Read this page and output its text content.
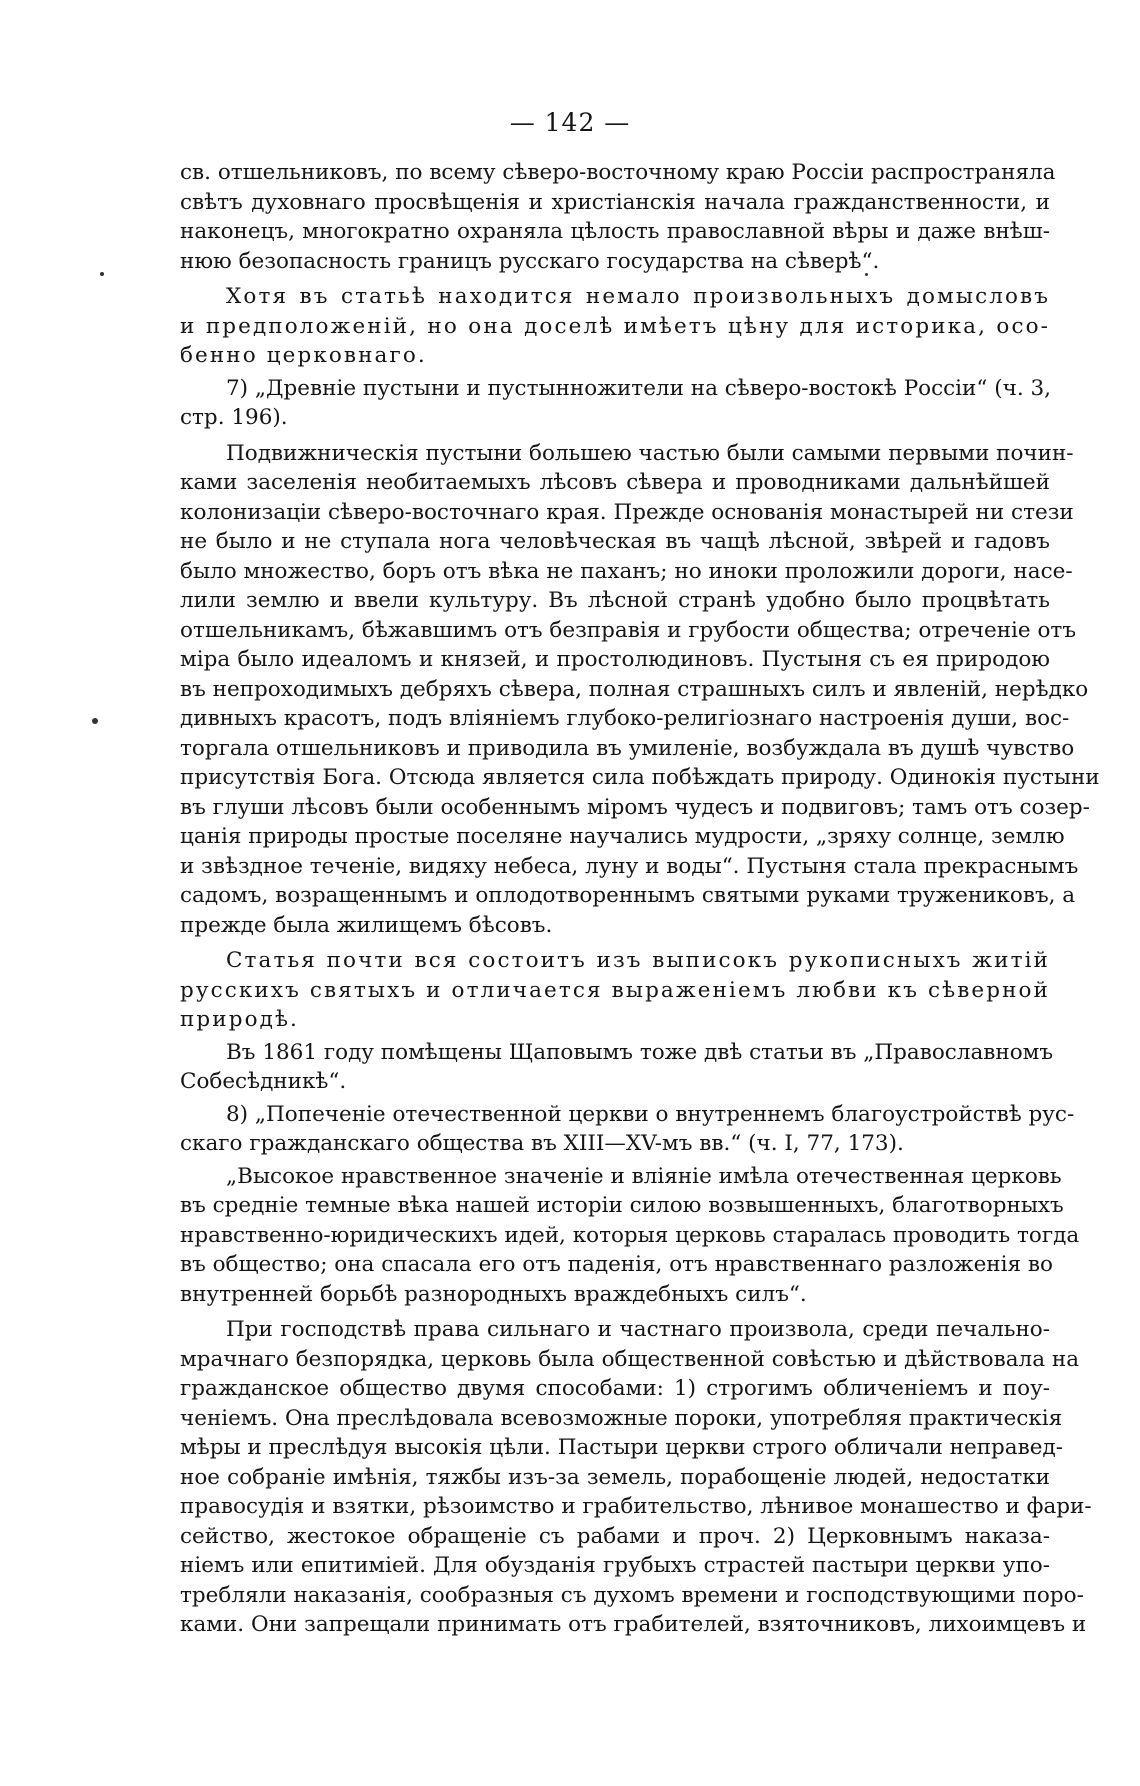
— 142 —

св. отшельниковъ, по всему сѣверо-восточному краю Россіи распространяла
свѣтъ духовнаго просвѣщенія и христіанскія начала гражданственности, и
наконецъ, многократно охраняла цѣлость православной вѣры и даже внѣш-
нюю безопасность границъ русскаго государства на сѣверѣ“.

Хотя въ статьѣ находится немало произвольныхъ домысловъ
и предположеній, но она доселѣ имѣетъ цѣну для историка, осо-
бенно церковнаго.

7) „Древніе пустыни и пустынножители на сѣверо-востокѣ Россіи“ (ч. 3,
стр. 196).

Подвижническія пустыни большею частью были самыми первыми почин-
ками заселенія необитаемыхъ лѣсовъ сѣвера и проводниками дальнѣйшей
колонизаціи сѣверо-восточнаго края. Прежде основанія монастырей ни стези
не было и не ступала нога человѣческая въ чащѣ лѣсной, звѣрей и гадовъ
было множество, боръ отъ вѣка не паханъ; но иноки проложили дороги, насе-
лили землю и ввели культуру. Въ лѣсной странѣ удобно было процвѣтать
отшельникамъ, бѣжавшимъ отъ безправія и грубости общества; отреченіе отъ
міра было идеаломъ и князей, и простолюдиновъ. Пустыня съ ея природою
въ непроходимыхъ дебряхъ сѣвера, полная страшныхъ силъ и явленій, нерѣдко
дивныхъ красотъ, подъ вліяніемъ глубоко-религіознаго настроенія души, вос-
торгала отшельниковъ и приводила въ умиленіе, возбуждала въ душѣ чувство
присутствія Бога. Отсюда является сила побѣждать природу. Одинокія пустыни
въ глуши лѣсовъ были особеннымъ міромъ чудесъ и подвиговъ; тамъ отъ созер-
цанія природы простые поселяне научались мудрости, „зряху солнце, землю
и звѣздное теченіе, видяху небеса, луну и воды“. Пустыня стала прекраснымъ
садомъ, возращеннымъ и оплодотвореннымъ святыми руками тружениковъ, а
прежде была жилищемъ бѣсовъ.

Статья почти вся состоитъ изъ выписокъ рукописныхъ житій
русскихъ святыхъ и отличается выраженіемъ любви къ сѣверной
природѣ.

Въ 1861 году помѣщены Щаповымъ тоже двѣ статьи въ „Православномъ
Собесѣдникѣ“.

8) „Попеченіе отечественной церкви о внутреннемъ благоустройствѣ рус-
скаго гражданскаго общества въ XIII—XV-мъ вв.“ (ч. I, 77, 173).

„Высокое нравственное значеніе и вліяніе имѣла отечественная церковь
въ средніе темные вѣка нашей исторіи силою возвышенныхъ, благотворныхъ
нравственно-юридическихъ идей, которыя церковь старалась проводить тогда
въ общество; она спасала его отъ паденія, отъ нравственнаго разложенія во
внутренней борьбѣ разнородныхъ враждебныхъ силъ“.

При господствѣ права сильнаго и частнаго произвола, среди печально-
мрачнаго безпорядка, церковь была общественной совѣстью и дѣйствовала на
гражданское общество двумя способами: 1) строгимъ обличеніемъ и поу-
ченіемъ. Она преслѣдовала всевозможные пороки, употребляя практическія
мѣры и преслѣдуя высокія цѣли. Пастыри церкви строго обличали неправед-
ное собраніе имѣнія, тяжбы изъ-за земель, порабощеніе людей, недостатки
правосудія и взятки, рѣзоимство и грабительство, лѣнивое монашество и фари-
сейство, жестокое обращеніе съ рабами и проч. 2) Церковнымъ наказа-
ніемъ или епитиміей. Для обузданія грубыхъ страстей пастыри церкви упо-
требляли наказанія, сообразныя съ духомъ времени и господствующими поро-
ками. Они запрещали принимать отъ грабителей, взяточниковъ, лихоимцевъ и
